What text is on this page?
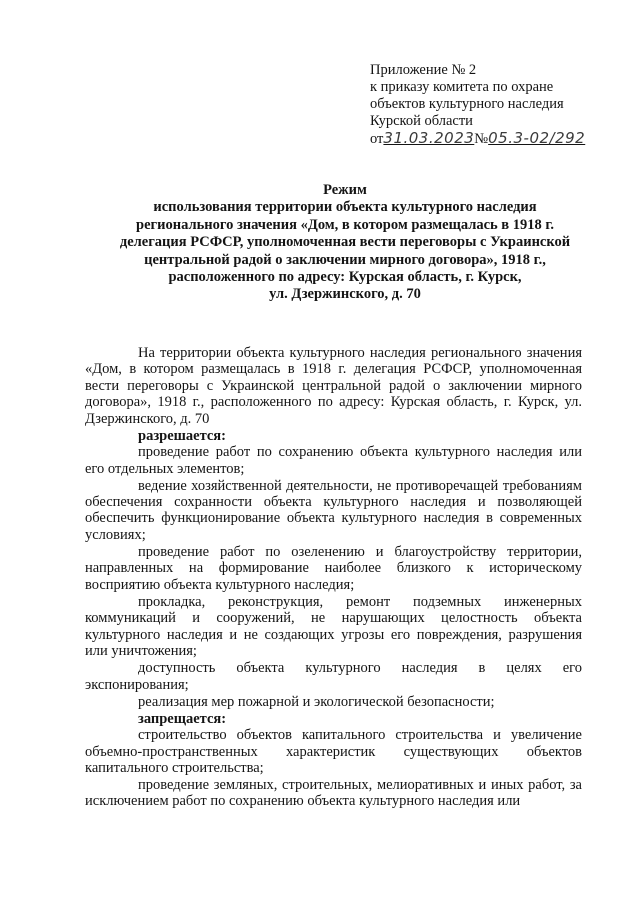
Приложение № 2
к приказу комитета по охране
объектов культурного наследия
Курской области
от31.03.2023№05.3-02/292
Режим
использования территории объекта культурного наследия
регионального значения «Дом, в котором размещалась в 1918 г.
делегация РСФСР, уполномоченная вести переговоры с Украинской
центральной радой о заключении мирного договора», 1918 г.,
расположенного по адресу: Курская область, г. Курск,
ул. Дзержинского, д. 70

На территории объекта культурного наследия регионального значения «Дом, в котором размещалась в 1918 г. делегация РСФСР, уполномоченная вести переговоры с Украинской центральной радой о заключении мирного договора», 1918 г., расположенного по адресу: Курская область, г. Курск, ул. Дзержинского, д. 70

разрешается:

проведение работ по сохранению объекта культурного наследия или его отдельных элементов;

ведение хозяйственной деятельности, не противоречащей требованиям обеспечения сохранности объекта культурного наследия и позволяющей обеспечить функционирование объекта культурного наследия в современных условиях;

проведение работ по озеленению и благоустройству территории, направленных на формирование наиболее близкого к историческому восприятию объекта культурного наследия;

прокладка, реконструкция, ремонт подземных инженерных коммуникаций и сооружений, не нарушающих целостность объекта культурного наследия и не создающих угрозы его повреждения, разрушения или уничтожения;

доступность объекта культурного наследия в целях его экспонирования;

реализация мер пожарной и экологической безопасности;

запрещается:

строительство объектов капитального строительства и увеличение объемно-пространственных характеристик существующих объектов капитального строительства;

проведение земляных, строительных, мелиоративных и иных работ, за исключением работ по сохранению объекта культурного наследия или
